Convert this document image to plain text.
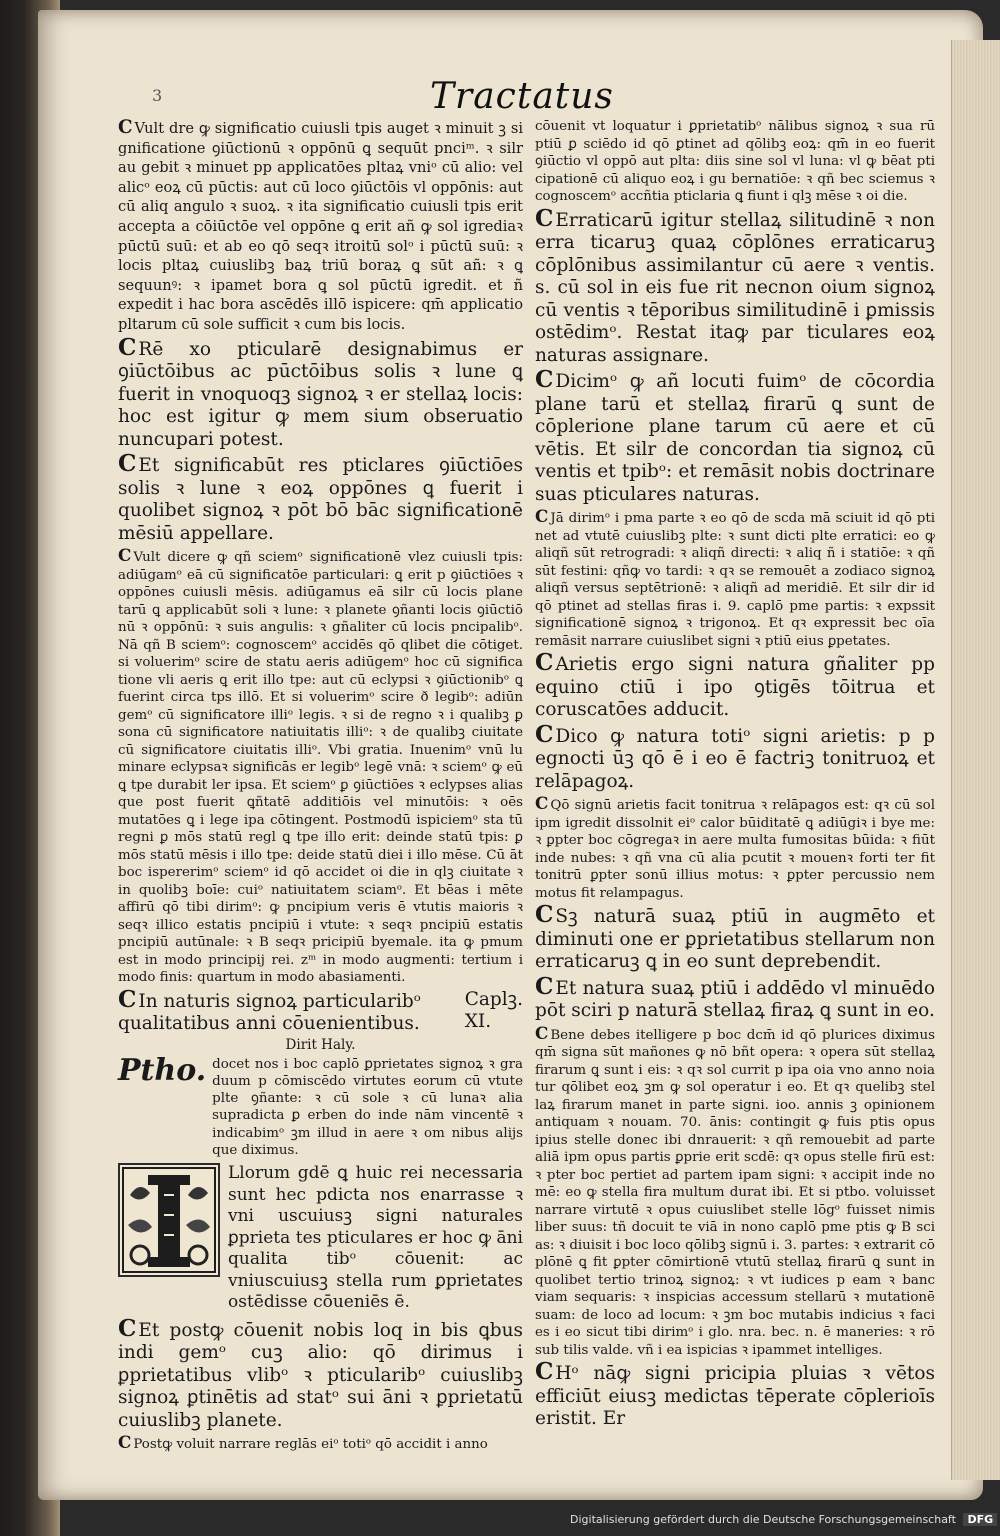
3	Tractatus

C Vult dre ꝙ significatio cuiusli tpis auget ꝛ minuit ꝫ si gnificatione ꝯiūctionū ꝛ oppōnū ꝗ sequūt pnciᵐ. ꝛ silr au gebit ꝛ minuet pp applicatōes pltaꝝ vniᵒ cū alio: vel alicᵒ eoꝝ cū pūctis: aut cū loco ꝯiūctōis vl oppōnis: aut cū aliq angulo ꝛ suoꝝ. ꝛ ita significatio cuiusli tpis erit accepta a cōiūctōe vel oppōne ꝗ erit añ ꝙ sol igrediaꝛ pūctū suū: et ab eo qō seqꝛ itroitū solᵒ i pūctū suū: ꝛ locis pltaꝝ cuiuslibꝫ baꝝ triū boraꝝ ꝗ sūt añ: ꝛ ꝗ sequunꝰ: ꝛ ipamet bora ꝗ sol pūctū igredit. et ñ expedit i hac bora ascēdēs illō ispicere: qm̄ applicatio pltarum cū sole sufficit ꝛ cum bis locis.

C Rē xo pticularē designabimus er ꝯiūctōibus ac pūctōibus solis ꝛ lune ꝗ fuerit in vnoquoqꝫ signoꝝ ꝛ er stellaꝝ locis: hoc est igitur ꝙ mem sium obseruatio nuncupari potest.

C Et significabūt res pticlares ꝯiūctiōes solis ꝛ lune ꝛ eoꝝ oppōnes ꝗ fuerit i quolibet signoꝝ ꝛ pōt bō bāc significationē mēsiū appellare.

C Vult dicere ꝙ qñ sciemᵒ significationē vlez cuiusli tpis: adiūgamᵒ eā cū significatōe particulari: ꝗ erit p ꝯiūctiōes ꝛ oppōnes cuiusli mēsis. adiūgamus eā silr cū locis plane tarū ꝗ applicabūt soli ꝛ lune: ꝛ planete ꝯñanti locis ꝯiūctiō nū ꝛ oppōnū: ꝛ suis angulis: ꝛ gñaliter cū locis pncipalibᵒ. Nā qñ B sciemᵒ: cognoscemᵒ accidēs qō qlibet die cōtiget. si voluerimᵒ scire de statu aeris adiūgemᵒ hoc cū significa tione vli aeris ꝗ erit illo tpe: aut cū eclypsi ꝛ ꝯiūctionibᵒ ꝗ fuerint circa tps illō. Et si voluerimᵒ scire ð legibᵒ: adiūn gemᵒ cū significatore illiᵒ legis. ꝛ si de regno ꝛ i qualibꝫ ꝑ sona cū significatore natiuitatis illiᵒ: ꝛ de qualibꝫ ciuitate cū significatore ciuitatis illiᵒ. Vbi gratia. Inuenimᵒ vnū lu minare eclypsaꝛ significās er legibᵒ legē vnā: ꝛ sciemᵒ ꝙ eū ꝗ tpe durabit ler ipsa. Et sciemᵒ ꝑ ꝯiūctiōes ꝛ eclypses alias que post fuerit ꝗñtatē additiōis vel minutōis: ꝛ oēs mutatōes ꝗ i lege ipa cōtingent. Postmodū ispiciemᵒ sta tū regni ꝑ mōs statū regl ꝗ tpe illo erit: deinde statū tpis: ꝑ mōs statū mēsis i illo tpe: deide statū diei i illo mēse. Cū āt boc ispererimᵒ sciemᵒ id qō accidet oi die in qlꝫ ciuitate ꝛ in quolibꝫ boīe: cuiᵒ natiuitatem sciamᵒ. Et bēas i mēte affirū qō tibi dirimᵒ: ꝙ pncipium veris ē vtutis maioris ꝛ seqꝛ illico estatis pncipiū i vtute: ꝛ seqꝛ pncipiū estatis pncipiū autūnale: ꝛ B seqꝛ pricipiū byemale. ita ꝙ pmum est in modo principij rei. zᵐ in modo augmenti: tertium i modo finis: quartum in modo abasiamenti.

C In naturis signoꝝ particularibᵒ qualitatibus anni cōuenientibus.
Caplꝫ. XI.

Dirit Haly.

Ptho. docet nos i boc caplō ꝑprietates signoꝝ ꝛ gra duum p cōmiscēdo virtutes eorum cū vtute plte ꝯñante: ꝛ cū sole ꝛ cū lunaꝛ alia supradicta ꝑ erben do inde nām vincentē ꝛ indicabimᵒ ꝫm illud in aere ꝛ om nibus alijs que diximus.
Llorum gdē ꝗ huic rei necessaria sunt hec pdicta nos enarrasse ꝛ vni uscuiusꝫ signi naturales ꝑprieta tes pticulares er hoc ꝙ āni qualita tibᵒ cōuenit: ac vniuscuiusꝫ stella rum ꝑprietates ostēdisse cōueniēs ē.

C Et postꝙ cōuenit nobis loq in bis ꝗbus indi gemᵒ cuꝫ alio: qō dirimus i ꝑprietatibus vlibᵒ ꝛ pticularibᵒ cuiuslibꝫ signoꝝ ꝑtinētis ad statᵒ sui āni ꝛ ꝑprietatū cuiuslibꝫ planete.

C Postꝙ voluit narrare reglās eiᵒ totiᵒ qō accidit i anno

cōuenit vt loquatur i ꝑprietatibᵒ nālibus signoꝝ ꝛ sua rū ptiū ꝑ sciēdo id qō ꝑtinet ad qōlibꝫ eoꝝ: qm̄ in eo fuerit ꝯiūctio vl oppō aut plta: diis sine sol vl luna: vl ꝙ bēat pti cipationē cū aliquo eoꝝ i gu bernatiōe: ꝛ qñ bec sciemus ꝛ cognoscemᵒ accñtia pticlaria ꝗ fiunt i qlꝫ mēse ꝛ oi die.

C Erraticarū igitur stellaꝝ silitudinē ꝛ non erra ticaruꝫ quaꝝ cōplōnes erraticaruꝫ cōplōnibus assimilantur cū aere ꝛ ventis. s. cū sol in eis fue rit necnon oium signoꝝ cū ventis ꝛ tēporibus similitudinē i ꝑmissis ostēdimᵒ. Restat itaꝙ par ticulares eoꝝ naturas assignare.

C Dicimᵒ ꝙ añ locuti fuimᵒ de cōcordia plane tarū et stellaꝝ firarū ꝗ sunt de cōplerione plane tarum cū aere et cū vētis. Et silr de concordan tia signoꝝ cū ventis et tpibᵒ: et remāsit nobis doctrinare suas pticulares naturas.

C Jā dirimᵒ i pma parte ꝛ eo qō de scda mā sciuit id qō pti net ad vtutē cuiuslibꝫ plte: ꝛ sunt dicti plte erratici: eo ꝙ aliqñ sūt retrogradi: ꝛ aliqñ directi: ꝛ aliq ñ i statiōe: ꝛ qñ sūt festini: qñꝙ vo tardi: ꝛ qꝛ se remouēt a zodiaco signoꝝ aliqñ versus septētrionē: ꝛ aliqñ ad meridiē. Et silr dir id qō ptinet ad stellas firas i. 9. caplō pme partis: ꝛ expssit significationē signoꝝ ꝛ trigonoꝝ. Et qꝛ expressit bec oīa remāsit narrare cuiuslibet signi ꝛ ptiū eius ꝑpetates.

C Arietis ergo signi natura gñaliter pp equino ctiū i ipo ꝯtigēs tōitrua et coruscatōes adducit.

C Dico ꝙ natura totiᵒ signi arietis: p p egnocti ūꝫ qō ē i eo ē factriꝫ tonitruoꝝ et relāpagoꝝ.

C Qō signū arietis facit tonitrua ꝛ relāpagos est: qꝛ cū sol ipm igredit dissolnit eiᵒ calor būiditatē ꝗ adiūgiꝛ i bye me: ꝛ ꝑpter boc cōgregaꝛ in aere multa fumositas būida: ꝛ fiūt inde nubes: ꝛ qñ vna cū alia pcutit ꝛ mouenꝛ forti ter fit tonitrū ꝑpter sonū illius motus: ꝛ ꝑpter percussio nem motus fit relampagus.

C Sꝫ naturā suaꝝ ptiū in augmēto et diminuti one er ꝑprietatibus stellarum non erraticaruꝫ ꝗ in eo sunt deprebendit.

C Et natura suaꝝ ptiū i addēdo vl minuēdo pōt sciri p naturā stellaꝝ firaꝝ ꝗ sunt in eo.

C Bene debes itelligere p boc dcm̄ id qō plurices diximus qm̄ signa sūt mañones ꝙ nō bñt opera: ꝛ opera sūt stellaꝝ firarum ꝗ sunt i eis: ꝛ qꝛ sol currit p ipa oia vno anno noia tur qōlibet eoꝝ ꝫm ꝙ sol operatur i eo. Et qꝛ quelibꝫ stel laꝝ firarum manet in parte signi. ioo. annis ꝫ opinionem antiquam ꝛ nouam. 70. ānis: contingit ꝙ fuis ptis opus ipius stelle donec ibi dnrauerit: ꝛ qñ remouebit ad parte aliā ipm opus partis ꝑprie erit scdē: qꝛ opus stelle firū est: ꝛ pter boc pertiet ad partem ipam signi: ꝛ accipit inde no mē: eo ꝙ stella fira multum durat ibi. Et si ptbo. voluisset narrare virtutē ꝛ opus cuiuslibet stelle lōgᵒ fuisset nimis liber suus: tñ docuit te viā in nono caplō pme ptis ꝙ B sci as: ꝛ diuisit i boc loco qōlibꝫ signū i. 3. partes: ꝛ extrarit cō plōnē ꝗ fit ꝑpter cōmirtionē vtutū stellaꝝ firarū ꝗ sunt in quolibet tertio trinoꝝ signoꝝ: ꝛ vt iudices p eam ꝛ banc viam sequaris: ꝛ inspicias accessum stellarū ꝛ mutationē suam: de loco ad locum: ꝛ ꝫm boc mutabis indicius ꝛ faci es i eo sicut tibi dirimᵒ i glo. nra. bec. n. ē maneries: ꝛ rō sub tilis valde. vñ i ea ispicias ꝛ ipammet intelliges.

C Hᵒ nāꝙ signi pricipia pluias ꝛ vētos efficiūt eiusꝫ medictas tēperate cōplerioīs eristit. Er

Digitalisierung gefördert durch die Deutsche Forschungsgemeinschaft DFG
